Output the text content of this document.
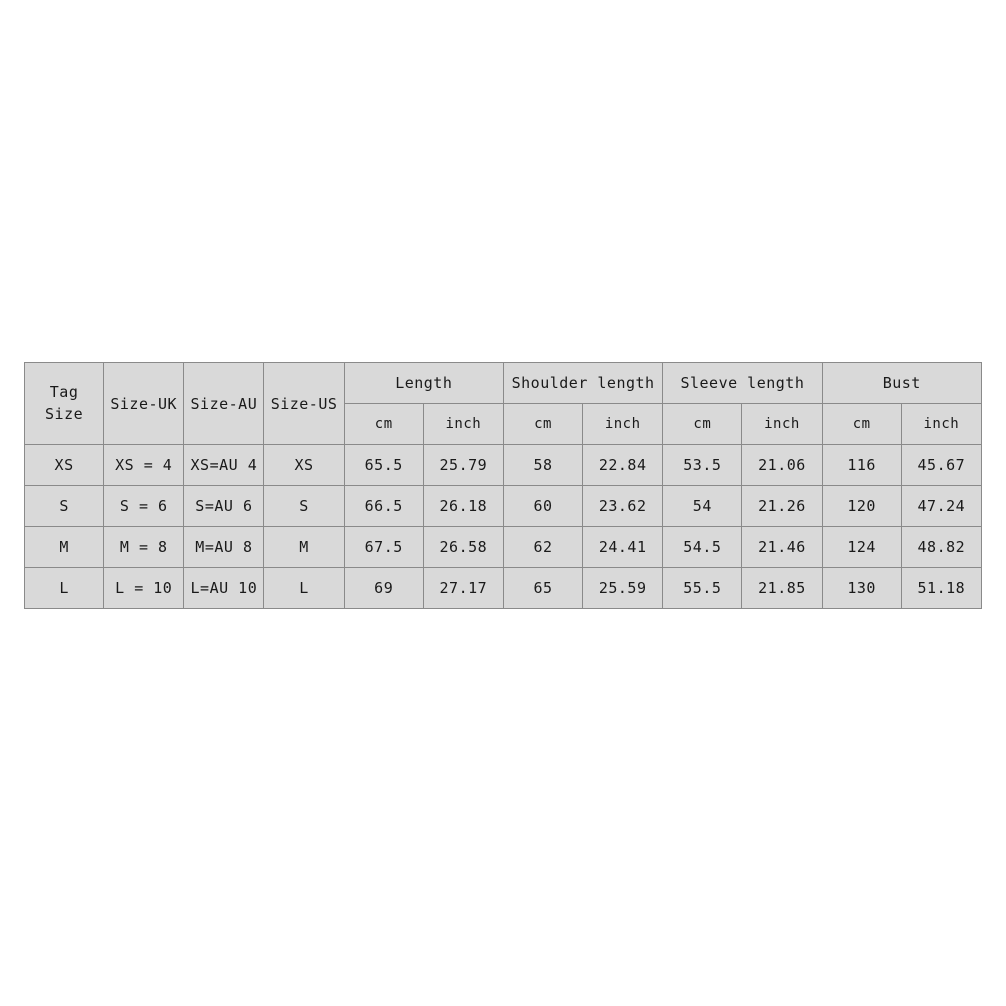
Tag
Size	Size-UK	Size-AU	Size-US	Length		Shoulder length		Sleeve length		Bust	
				cm	inch	cm	inch	cm	inch	cm	inch
XS	XS = 4	XS=AU 4	XS	65.5	25.79	58	22.84	53.5	21.06	116	45.67
S	S = 6	S=AU 6	S	66.5	26.18	60	23.62	54	21.26	120	47.24
M	M = 8	M=AU 8	M	67.5	26.58	62	24.41	54.5	21.46	124	48.82
L	L = 10	L=AU 10	L	69	27.17	65	25.59	55.5	21.85	130	51.18
